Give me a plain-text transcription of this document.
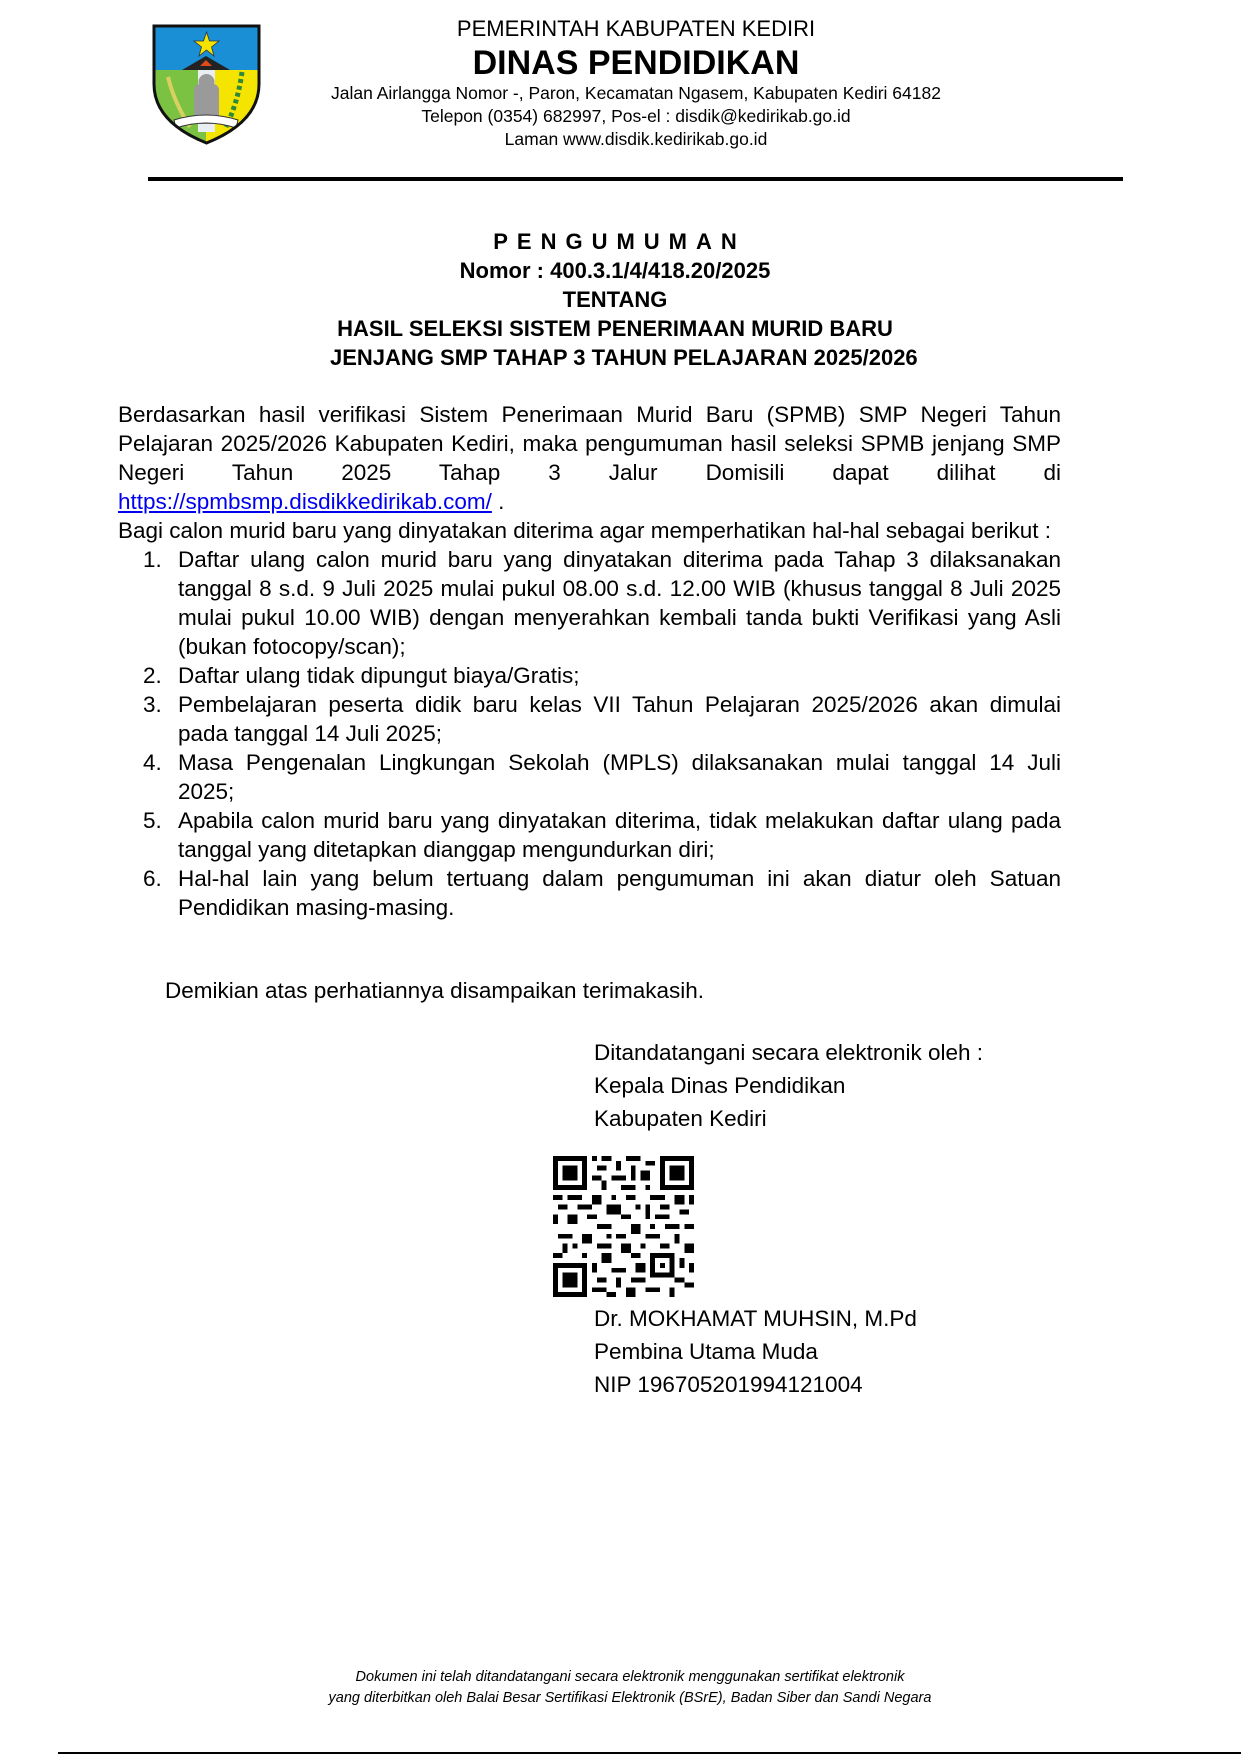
PEMERINTAH KABUPATEN KEDIRI
DINAS PENDIDIKAN
Jalan Airlangga Nomor -, Paron, Kecamatan Ngasem, Kabupaten Kediri 64182
Telepon (0354) 682997, Pos-el : disdik@kedirikab.go.id
Laman www.disdik.kedirikab.go.id
PENGUMUMAN
Nomor : 400.3.1/4/418.20/2025
TENTANG
HASIL SELEKSI SISTEM PENERIMAAN MURID BARU
JENJANG SMP TAHAP 3 TAHUN PELAJARAN 2025/2026

Berdasarkan hasil verifikasi Sistem Penerimaan Murid Baru (SPMB) SMP Negeri Tahun Pelajaran 2025/2026 Kabupaten Kediri, maka pengumuman hasil seleksi SPMB jenjang SMP Negeri Tahun 2025 Tahap 3 Jalur Domisili dapat dilihat di https://spmbsmp.disdikkedirikab.com/ .

Bagi calon murid baru yang dinyatakan diterima agar memperhatikan hal-hal sebagai berikut :

1. Daftar ulang calon murid baru yang dinyatakan diterima pada Tahap 3 dilaksanakan tanggal 8 s.d. 9 Juli 2025 mulai pukul 08.00 s.d. 12.00 WIB (khusus tanggal 8 Juli 2025 mulai pukul 10.00 WIB) dengan menyerahkan kembali tanda bukti Verifikasi yang Asli (bukan fotocopy/scan);
2. Daftar ulang tidak dipungut biaya/Gratis;
3. Pembelajaran peserta didik baru kelas VII Tahun Pelajaran 2025/2026 akan dimulai pada tanggal 14 Juli 2025;
4. Masa Pengenalan Lingkungan Sekolah (MPLS) dilaksanakan mulai tanggal 14 Juli 2025;
5. Apabila calon murid baru yang dinyatakan diterima, tidak melakukan daftar ulang pada tanggal yang ditetapkan dianggap mengundurkan diri;
6. Hal-hal lain yang belum tertuang dalam pengumuman ini akan diatur oleh Satuan Pendidikan masing-masing.
Demikian atas perhatiannya disampaikan terimakasih.
Ditandatangani secara elektronik oleh :
Kepala Dinas Pendidikan
Kabupaten Kediri
Dr. MOKHAMAT MUHSIN, M.Pd
Pembina Utama Muda
NIP 196705201994121004
Dokumen ini telah ditandatangani secara elektronik menggunakan sertifikat elektronik
yang diterbitkan oleh Balai Besar Sertifikasi Elektronik (BSrE), Badan Siber dan Sandi Negara
